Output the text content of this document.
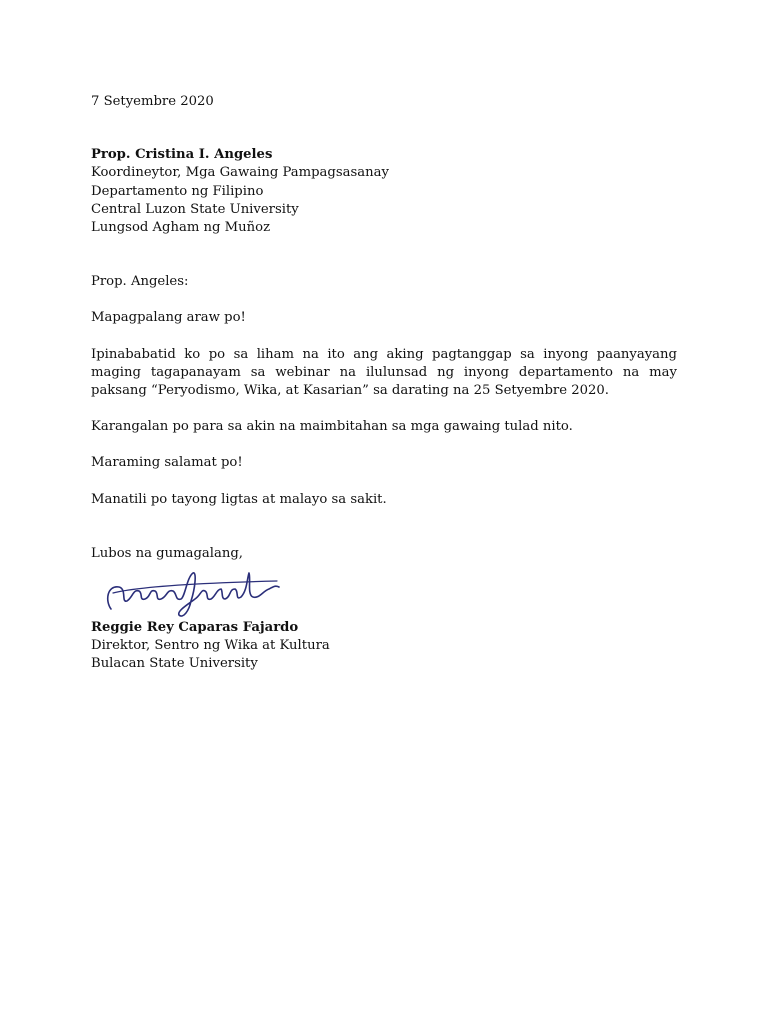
7 Setyembre 2020
Prop. Cristina I. Angeles
Koordineytor, Mga Gawaing Pampagsasanay
Departamento ng Filipino
Central Luzon State University
Lungsod Agham ng Muñoz
Prop. Angeles:
Mapagpalang araw po!
Ipinababatid ko po sa liham na ito ang aking pagtanggap sa inyong paanyayang maging tagapanayam sa webinar na ilulunsad ng inyong departamento na may paksang “Peryodismo, Wika, at Kasarian” sa darating na 25 Setyembre 2020.
Karangalan po para sa akin na maimbitahan sa mga gawaing tulad nito.
Maraming salamat po!
Manatili po tayong ligtas at malayo sa sakit.
Lubos na gumagalang,
Reggie Rey Caparas Fajardo
Direktor, Sentro ng Wika at Kultura
Bulacan State University
